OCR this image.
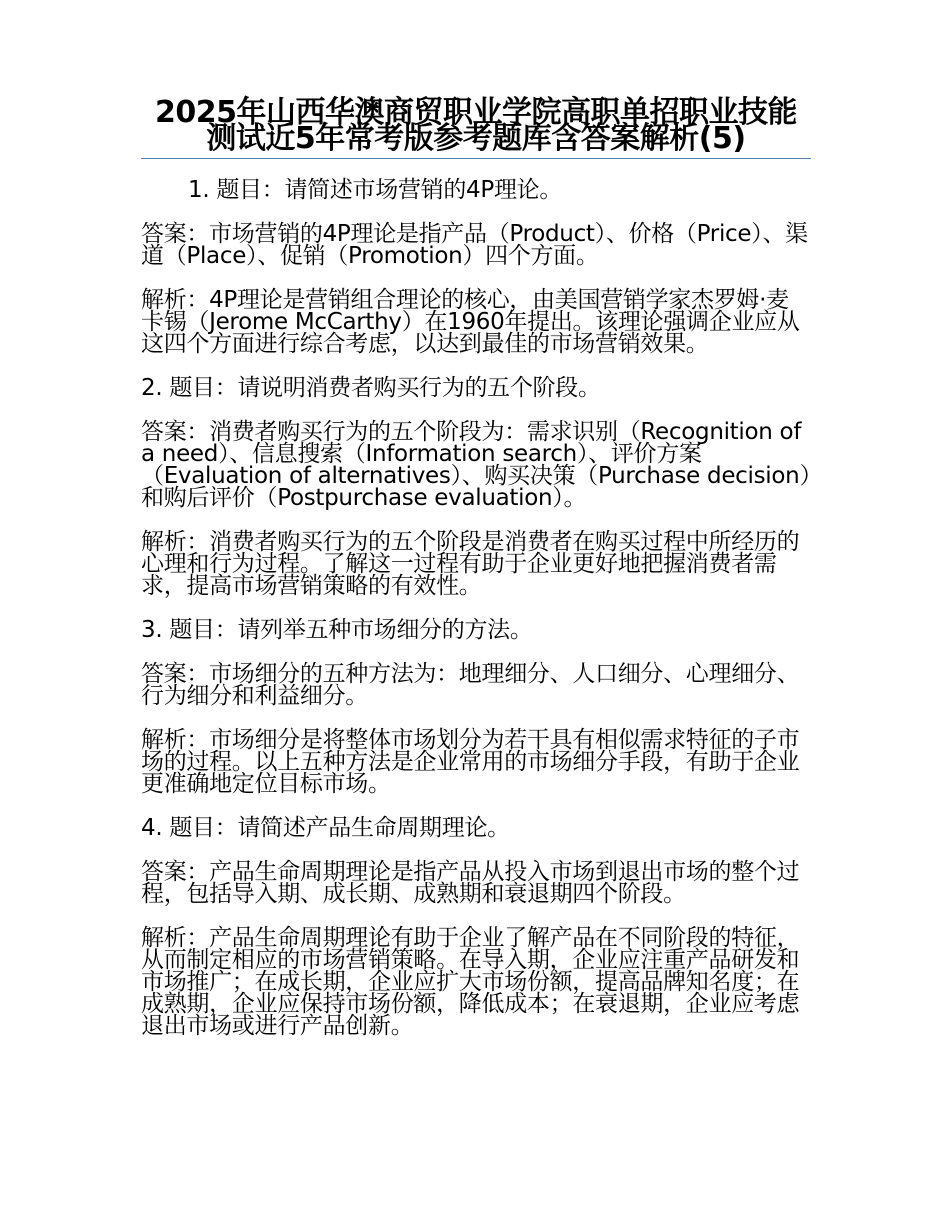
2025年山西华澳商贸职业学院高职单招职业技能测试近5年常考版参考题库含答案解析(5)

1. 题目：请简述市场营销的4P理论。

答案：市场营销的4P理论是指产品（Product）、价格（Price）、渠道（Place）、促销（Promotion）四个方面。

解析：4P理论是营销组合理论的核心，由美国营销学家杰罗姆·麦卡锡（Jerome McCarthy）在1960年提出。该理论强调企业应从这四个方面进行综合考虑，以达到最佳的市场营销效果。

2. 题目：请说明消费者购买行为的五个阶段。

答案：消费者购买行为的五个阶段为：需求识别（Recognition of a need）、信息搜索（Information search）、评价方案（Evaluation of alternatives）、购买决策（Purchase decision）和购后评价（Postpurchase evaluation）。

解析：消费者购买行为的五个阶段是消费者在购买过程中所经历的心理和行为过程。了解这一过程有助于企业更好地把握消费者需求，提高市场营销策略的有效性。

3. 题目：请列举五种市场细分的方法。

答案：市场细分的五种方法为：地理细分、人口细分、心理细分、行为细分和利益细分。

解析：市场细分是将整体市场划分为若干具有相似需求特征的子市场的过程。以上五种方法是企业常用的市场细分手段，有助于企业更准确地定位目标市场。

4. 题目：请简述产品生命周期理论。

答案：产品生命周期理论是指产品从投入市场到退出市场的整个过程，包括导入期、成长期、成熟期和衰退期四个阶段。

解析：产品生命周期理论有助于企业了解产品在不同阶段的特征，从而制定相应的市场营销策略。在导入期，企业应注重产品研发和市场推广；在成长期，企业应扩大市场份额，提高品牌知名度；在成熟期，企业应保持市场份额，降低成本；在衰退期，企业应考虑退出市场或进行产品创新。
